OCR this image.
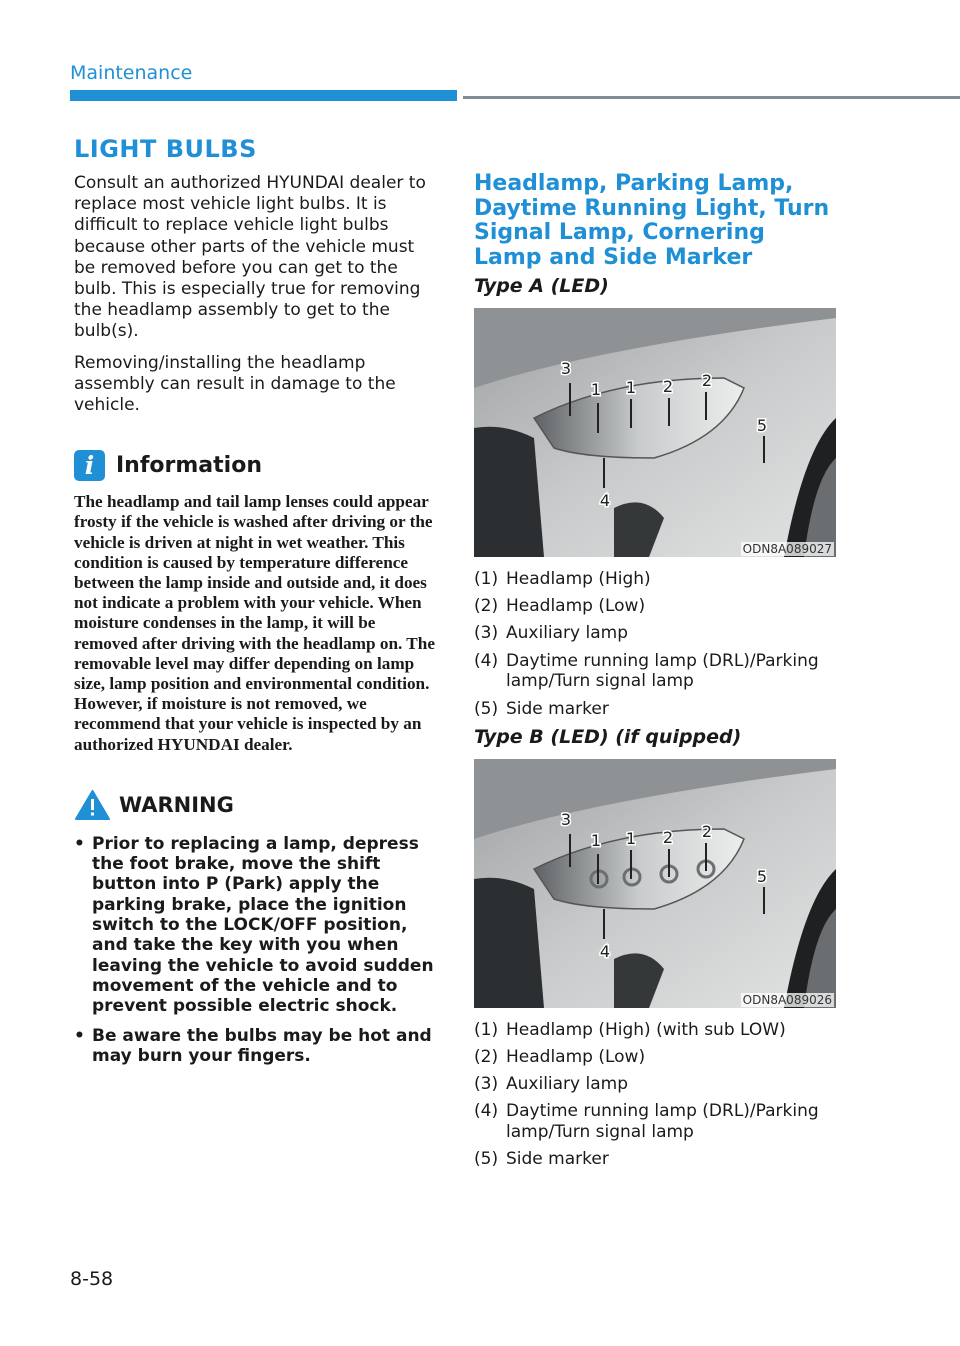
Maintenance
LIGHT BULBS

Consult an authorized HYUNDAI dealer to replace most vehicle light bulbs. It is difficult to replace vehicle light bulbs because other parts of the vehicle must be removed before you can get to the bulb. This is especially true for removing the headlamp assembly to get to the bulb(s).

Removing/installing the headlamp assembly can result in damage to the vehicle.

i Information

The headlamp and tail lamp lenses could appear frosty if the vehicle is washed after driving or the vehicle is driven at night in wet weather. This condition is caused by temperature difference between the lamp inside and outside and, it does not indicate a problem with your vehicle. When moisture condenses in the lamp, it will be removed after driving with the headlamp on. The removable level may differ depending on lamp size, lamp position and environmental condition. However, if moisture is not removed, we recommend that your vehicle is inspected by an authorized HYUNDAI dealer.

WARNING
• Prior to replacing a lamp, depress the foot brake, move the shift button into P (Park) apply the parking brake, place the ignition switch to the LOCK/OFF position, and take the key with you when leaving the vehicle to avoid sudden movement of the vehicle and to prevent possible electric shock.
• Be aware the bulbs may be hot and may burn your fingers.
Headlamp, Parking Lamp, Daytime Running Light, Turn Signal Lamp, Cornering Lamp and Side Marker
Type A (LED)
3
1 1 2 2
5
4
ODN8A089027
(1) Headlamp (High)
(2) Headlamp (Low)
(3) Auxiliary lamp
(4) Daytime running lamp (DRL)/Parking lamp/Turn signal lamp
(5) Side marker
Type B (LED) (if quipped)
3
1 1 2 2
5
4
ODN8A089026
(1) Headlamp (High) (with sub LOW)
(2) Headlamp (Low)
(3) Auxiliary lamp
(4) Daytime running lamp (DRL)/Parking lamp/Turn signal lamp
(5) Side marker
8-58
